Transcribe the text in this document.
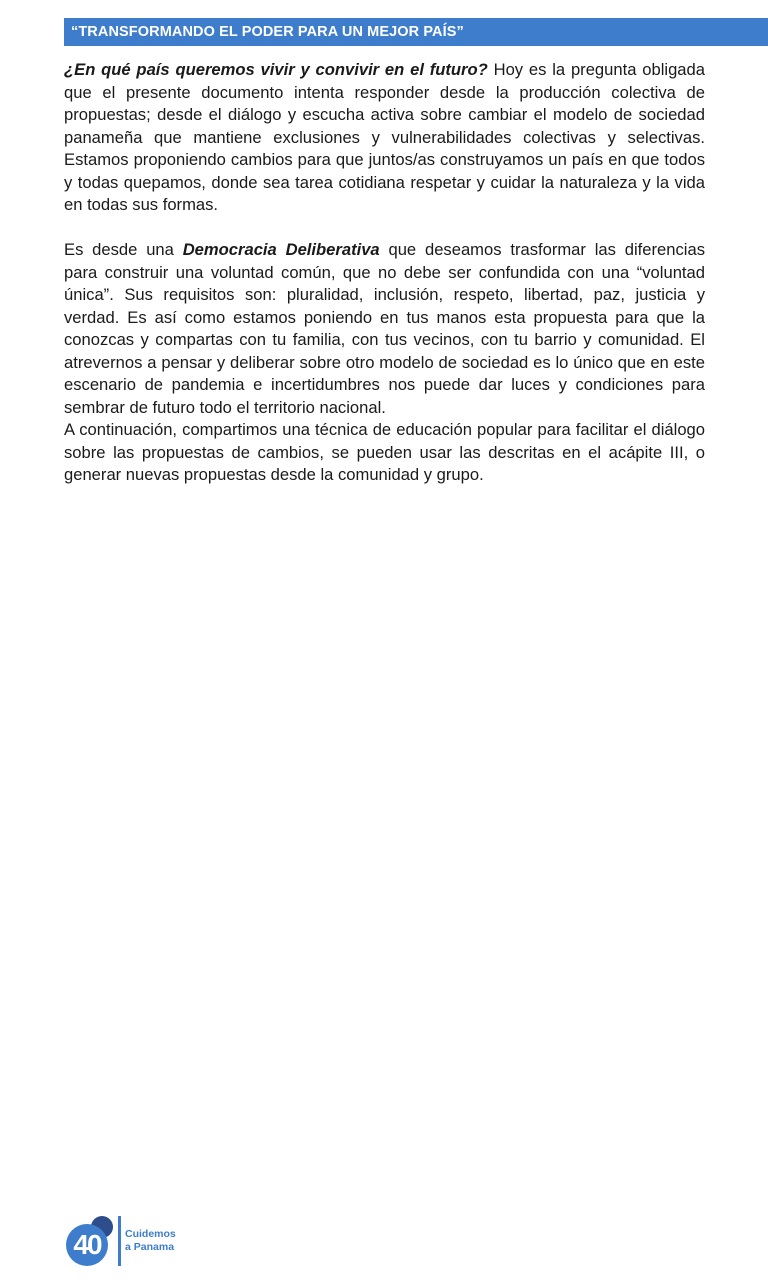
“TRANSFORMANDO EL PODER PARA UN MEJOR PAÍS”

¿En qué país queremos vivir y convivir en el futuro? Hoy es la pregunta obligada que el presente documento intenta responder desde la producción colectiva de propuestas; desde el diálogo y escucha activa sobre cambiar el modelo de sociedad panameña que mantiene exclusiones y vulnerabilidades colectivas y selectivas. Estamos proponiendo cambios para que juntos/as construyamos un país en que todos y todas quepamos, donde sea tarea cotidiana respetar y cuidar la naturaleza y la vida en todas sus formas.

Es desde una Democracia Deliberativa que deseamos trasformar las diferencias para construir una voluntad común, que no debe ser confundida con una “voluntad única”. Sus requisitos son: pluralidad, inclusión, respeto, libertad, paz, justicia y verdad. Es así como estamos poniendo en tus manos esta propuesta para que la conozcas y compartas con tu familia, con tus vecinos, con tu barrio y comunidad. El atrevernos a pensar y deliberar sobre otro modelo de sociedad es lo único que en este escenario de pandemia e incertidumbres nos puede dar luces y condiciones para sembrar de futuro todo el territorio nacional.

A continuación, compartimos una técnica de educación popular para facilitar el diálogo sobre las propuestas de cambios, se pueden usar las descritas en el acápite III, o generar nuevas propuestas desde la comunidad y grupo.

40	Cuidemos
a Panama
